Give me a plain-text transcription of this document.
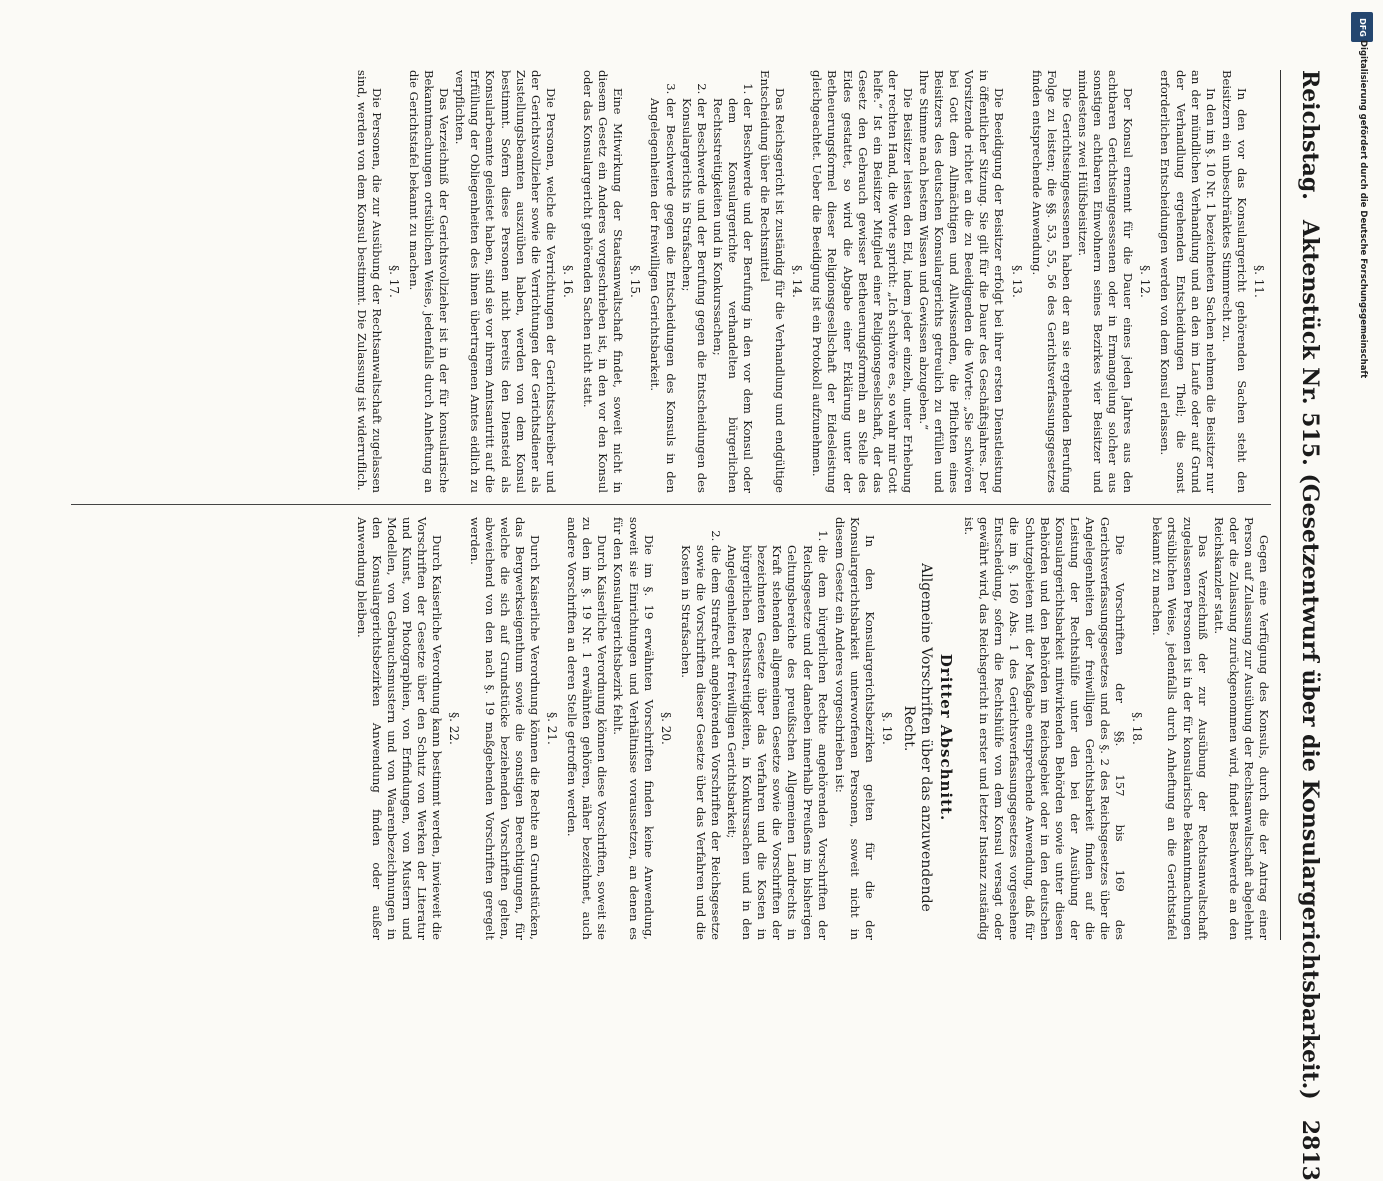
Reichstag.
Aktenstück Nr. 515. (Gesetzentwurf über die Konsulargerichtsbarkeit.)
2813
§. 11.

In den vor das Konsulargericht gehörenden Sachen steht den Beisitzern ein unbeschränktes Stimmrecht zu.

In den im §. 10 Nr. 1 bezeichneten Sachen nehmen die Beisitzer nur an der mündlichen Verhandlung und an den im Laufe oder auf Grund der Verhandlung ergehenden Entscheidungen Theil; die sonst erforderlichen Entscheidungen werden von dem Konsul erlassen.

§. 12.

Der Konsul ernennt für die Dauer eines jeden Jahres aus den achtbaren Gerichtseingesessenen oder in Ermangelung solcher aus sonstigen achtbaren Einwohnern seines Bezirkes vier Beisitzer und mindestens zwei Hülfsbeisitzer.

Die Gerichtseingesessenen haben der an sie ergehenden Berufung Folge zu leisten; die §§. 53, 55, 56 des Gerichtsverfassungsgesetzes finden entsprechende Anwendung.

§. 13.

Die Beeidigung der Beisitzer erfolgt bei ihrer ersten Dienstleistung in öffentlicher Sitzung. Sie gilt für die Dauer des Geschäftsjahres. Der Vorsitzende richtet an die zu Beeidigenden die Worte: „Sie schwören bei Gott dem Allmächtigen und Allwissenden, die Pflichten eines Beisitzers des deutschen Konsulargerichts getreulich zu erfüllen und Ihre Stimme nach bestem Wissen und Gewissen abzugeben.“

Die Beisitzer leisten den Eid, indem jeder einzeln, unter Erhebung der rechten Hand, die Worte spricht: „Ich schwöre es, so wahr mir Gott helfe.“ Ist ein Beisitzer Mitglied einer Religionsgesellschaft, der das Gesetz den Gebrauch gewisser Betheuerungsformeln an Stelle des Eides gestattet, so wird die Abgabe einer Erklärung unter der Betheuerungsformel dieser Religionsgesellschaft der Eidesleistung gleichgeachtet. Ueber die Beeidigung ist ein Protokoll aufzunehmen.

§. 14.

Das Reichsgericht ist zuständig für die Verhandlung und endgültige Entscheidung über die Rechtsmittel

1. der Beschwerde und der Berufung in den vor dem Konsul oder dem Konsulargerichte verhandelten bürgerlichen Rechtsstreitigkeiten und in Konkurssachen;
2. der Beschwerde und der Berufung gegen die Entscheidungen des Konsulargerichts in Strafsachen;
3. der Beschwerde gegen die Entscheidungen des Konsuls in den Angelegenheiten der freiwilligen Gerichtsbarkeit.
§. 15.

Eine Mitwirkung der Staatsanwaltschaft findet, soweit nicht in diesem Gesetz ein Anderes vorgeschrieben ist, in den vor den Konsul oder das Konsulargericht gehörenden Sachen nicht statt.

§. 16.

Die Personen, welche die Verrichtungen der Gerichtsschreiber und der Gerichtsvollzieher sowie die Verrichtungen der Gerichtsdiener als Zustellungsbeamten auszuüben haben, werden von dem Konsul bestimmt. Sofern diese Personen nicht bereits den Diensteid als Konsularbeamte geleistet haben, sind sie vor ihrem Amtsantritt auf die Erfüllung der Obliegenheiten des ihnen übertragenen Amtes eidlich zu verpflichten.

Das Verzeichniß der Gerichtsvollzieher ist in der für konsularische Bekanntmachungen ortsüblichen Weise, jedenfalls durch Anheftung an die Gerichtstafel bekannt zu machen.

§. 17.

Die Personen, die zur Ausübung der Rechtsanwaltschaft zugelassen sind, werden von dem Konsul bestimmt. Die Zulassung ist widerruflich.

Gegen eine Verfügung des Konsuls, durch die der Antrag einer Person auf Zulassung zur Ausübung der Rechtsanwaltschaft abgelehnt oder die Zulassung zurückgenommen wird, findet Beschwerde an den Reichskanzler statt.

Das Verzeichniß der zur Ausübung der Rechtsanwaltschaft zugelassenen Personen ist in der für konsularische Bekanntmachungen ortsüblichen Weise, jedenfalls durch Anheftung an die Gerichtstafel bekannt zu machen.

§. 18.

Die Vorschriften der §§. 157 bis 169 des Gerichtsverfassungsgesetzes und des §. 2 des Reichsgesetzes über die Angelegenheiten der freiwilligen Gerichtsbarkeit finden auf die Leistung der Rechtshülfe unter den bei der Ausübung der Konsulargerichtsbarkeit mitwirkenden Behörden sowie unter diesen Behörden und den Behörden im Reichsgebiet oder in den deutschen Schutzgebieten mit der Maßgabe entsprechende Anwendung, daß für die im §. 160 Abs. 1 des Gerichtsverfassungsgesetzes vorgesehene Entscheidung, sofern die Rechtshülfe von dem Konsul versagt oder gewährt wird, das Reichsgericht in erster und letzter Instanz zuständig ist.

Dritter Abschnitt.

Allgemeine Vorschriften über das anzuwendende Recht.

§. 19.

In den Konsulargerichtsbezirken gelten für die der Konsulargerichtsbarkeit unterworfenen Personen, soweit nicht in diesem Gesetz ein Anderes vorgeschrieben ist:

1. die dem bürgerlichen Rechte angehörenden Vorschriften der Reichsgesetze und der daneben innerhalb Preußens im bisherigen Geltungsbereiche des preußischen Allgemeinen Landrechts in Kraft stehenden allgemeinen Gesetze sowie die Vorschriften der bezeichneten Gesetze über das Verfahren und die Kosten in bürgerlichen Rechtsstreitigkeiten, in Konkurssachen und in den Angelegenheiten der freiwilligen Gerichtsbarkeit;
2. die dem Strafrecht angehörenden Vorschriften der Reichsgesetze sowie die Vorschriften dieser Gesetze über das Verfahren und die Kosten in Strafsachen.
§. 20.

Die im §. 19 erwähnten Vorschriften finden keine Anwendung, soweit sie Einrichtungen und Verhältnisse voraussetzen, an denen es für den Konsulargerichtsbezirk fehlt.

Durch Kaiserliche Verordnung können diese Vorschriften, soweit sie zu den im §. 19 Nr. 1 erwähnten gehören, näher bezeichnet, auch andere Vorschriften an deren Stelle getroffen werden.

§. 21.

Durch Kaiserliche Verordnung können die Rechte an Grundstücken, das Bergwerkseigenthum sowie die sonstigen Berechtigungen, für welche die sich auf Grundstücke beziehenden Vorschriften gelten, abweichend von den nach §. 19 maßgebenden Vorschriften geregelt werden.

§. 22.

Durch Kaiserliche Verordnung kann bestimmt werden, inwieweit die Vorschriften der Gesetze über den Schutz von Werken der Literatur und Kunst, von Photographien, von Erfindungen, von Mustern und Modellen, von Gebrauchsmustern und von Waarenbezeichnungen in den Konsulargerichtsbezirken Anwendung finden oder außer Anwendung bleiben.

DFG
Digitalisierung gefördert durch die Deutsche Forschungsgemeinschaft
